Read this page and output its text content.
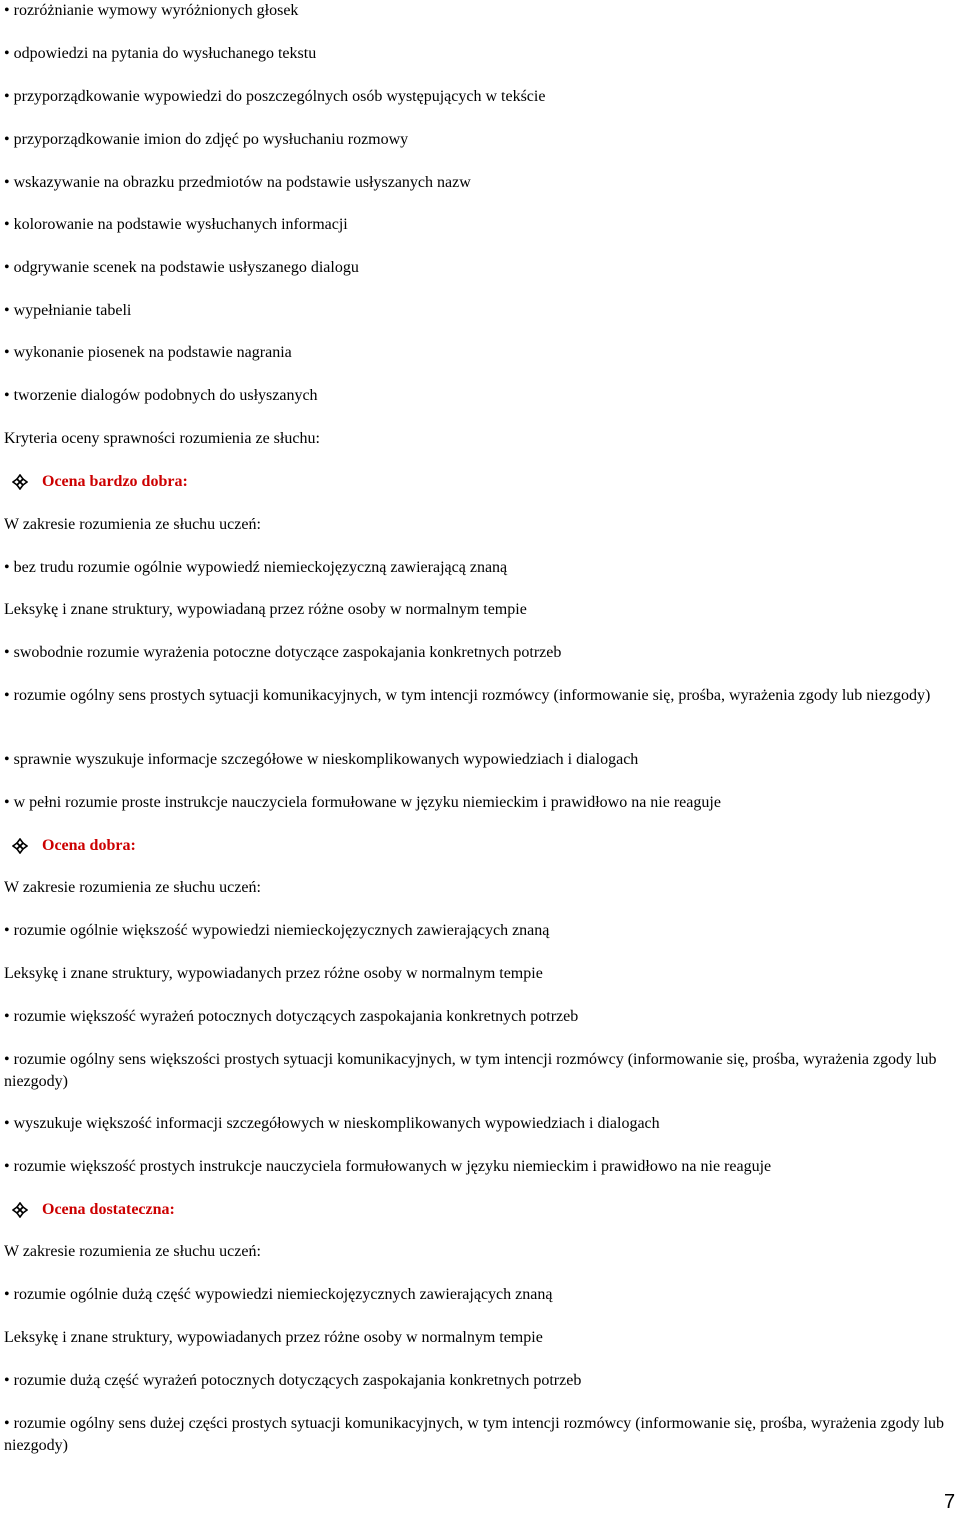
• rozróżnianie wymowy wyróżnionych głosek
• odpowiedzi na pytania do wysłuchanego tekstu
• przyporządkowanie wypowiedzi do poszczególnych osób występujących w tekście
• przyporządkowanie imion do zdjęć po wysłuchaniu rozmowy
• wskazywanie na obrazku przedmiotów na podstawie usłyszanych nazw
• kolorowanie na podstawie wysłuchanych informacji
• odgrywanie scenek na podstawie usłyszanego dialogu
• wypełnianie tabeli
• wykonanie piosenek na podstawie nagrania
• tworzenie dialogów podobnych do usłyszanych
Kryteria oceny sprawności rozumienia ze słuchu:
Ocena bardzo dobra:
W zakresie rozumienia ze słuchu uczeń:
• bez trudu rozumie ogólnie wypowiedź niemieckojęzyczną zawierającą znaną
Leksykę i znane struktury, wypowiadaną przez różne osoby w normalnym tempie
• swobodnie rozumie wyrażenia potoczne dotyczące zaspokajania konkretnych potrzeb
• rozumie ogólny sens prostych sytuacji komunikacyjnych, w tym intencji rozmówcy (informowanie się, prośba, wyrażenia zgody lub niezgody)
• sprawnie wyszukuje informacje szczegółowe w nieskomplikowanych wypowiedziach i dialogach
• w pełni rozumie proste instrukcje nauczyciela formułowane w języku niemieckim i prawidłowo na nie reaguje
Ocena dobra:
W zakresie rozumienia ze słuchu uczeń:
• rozumie ogólnie większość wypowiedzi niemieckojęzycznych zawierających znaną
Leksykę i znane struktury, wypowiadanych przez różne osoby w normalnym tempie
• rozumie większość wyrażeń potocznych dotyczących zaspokajania konkretnych potrzeb
• rozumie ogólny sens większości prostych sytuacji komunikacyjnych, w tym intencji rozmówcy (informowanie się, prośba, wyrażenia zgody lub niezgody)
• wyszukuje większość informacji szczegółowych w nieskomplikowanych wypowiedziach i dialogach
• rozumie większość prostych instrukcje nauczyciela formułowanych w języku niemieckim i prawidłowo na nie reaguje
Ocena dostateczna:
W zakresie rozumienia ze słuchu uczeń:
• rozumie ogólnie dużą część wypowiedzi niemieckojęzycznych zawierających znaną
Leksykę i znane struktury, wypowiadanych przez różne osoby w normalnym tempie
• rozumie dużą część wyrażeń potocznych dotyczących zaspokajania konkretnych potrzeb
• rozumie ogólny sens dużej części prostych sytuacji komunikacyjnych, w tym intencji rozmówcy (informowanie się, prośba, wyrażenia zgody lub niezgody)
7
